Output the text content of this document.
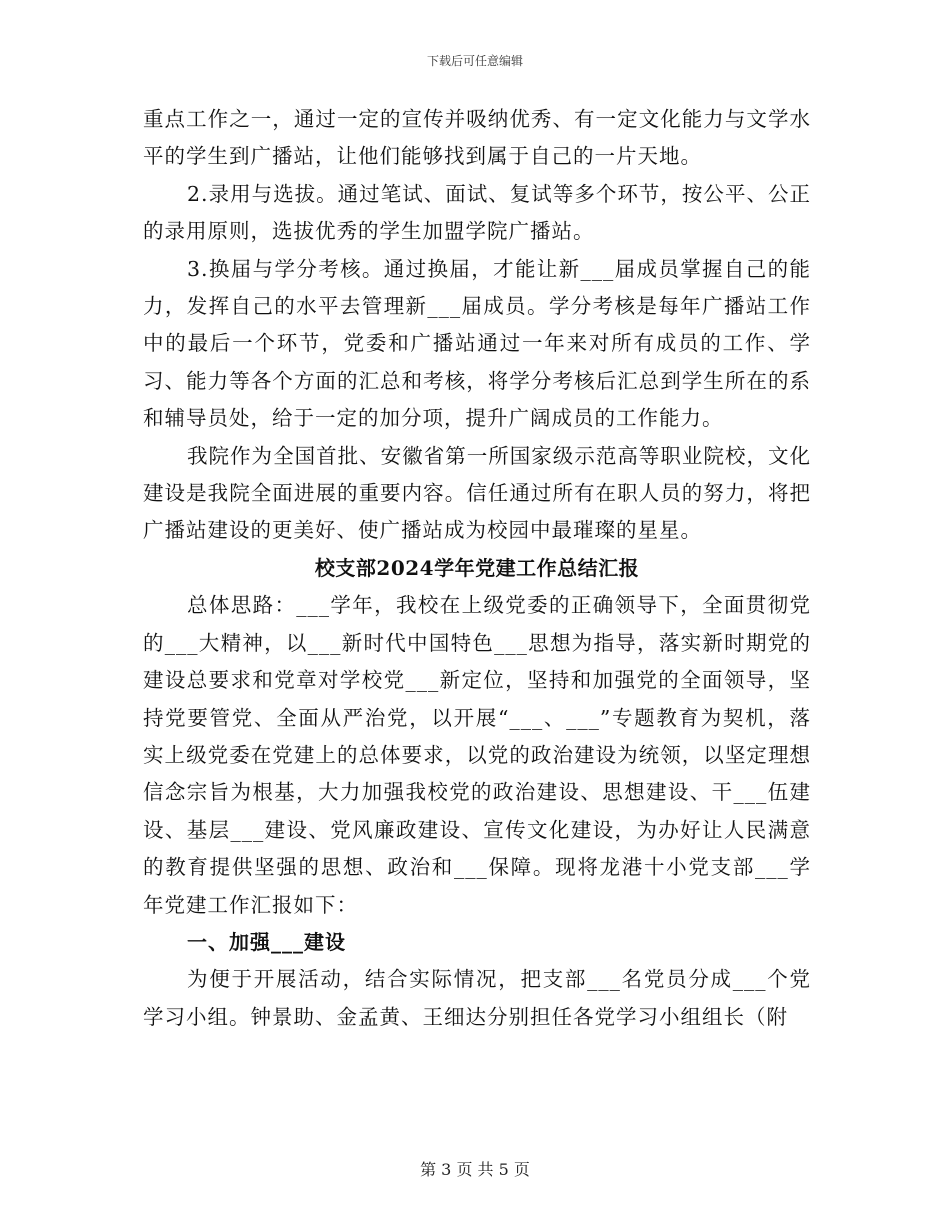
下载后可任意编辑

重点工作之一，通过一定的宣传并吸纳优秀、有一定文化能力与文学水平的学生到广播站，让他们能够找到属于自己的一片天地。

2.录用与选拔。通过笔试、面试、复试等多个环节，按公平、公正的录用原则，选拔优秀的学生加盟学院广播站。

3.换届与学分考核。通过换届，才能让新___届成员掌握自己的能力，发挥自己的水平去管理新___届成员。学分考核是每年广播站工作中的最后一个环节，党委和广播站通过一年来对所有成员的工作、学习、能力等各个方面的汇总和考核，将学分考核后汇总到学生所在的系和辅导员处，给于一定的加分项，提升广阔成员的工作能力。

我院作为全国首批、安徽省第一所国家级示范高等职业院校，文化建设是我院全面进展的重要内容。信任通过所有在职人员的努力，将把广播站建设的更美好、使广播站成为校园中最璀璨的星星。

校支部2024学年党建工作总结汇报

总体思路：___学年，我校在上级党委的正确领导下，全面贯彻党的___大精神，以___新时代中国特色___思想为指导，落实新时期党的建设总要求和党章对学校党___新定位，坚持和加强党的全面领导，坚持党要管党、全面从严治党，以开展“___、___”专题教育为契机，落实上级党委在党建上的总体要求，以党的政治建设为统领，以坚定理想信念宗旨为根基，大力加强我校党的政治建设、思想建设、干___伍建设、基层___建设、党风廉政建设、宣传文化建设，为办好让人民满意的教育提供坚强的思想、政治和___保障。现将龙港十小党支部___学年党建工作汇报如下：

一、加强___建设

为便于开展活动，结合实际情况，把支部___名党员分成___个党学习小组。钟景助、金孟黄、王细达分别担任各党学习小组组长（附

第 3 页 共 5 页
